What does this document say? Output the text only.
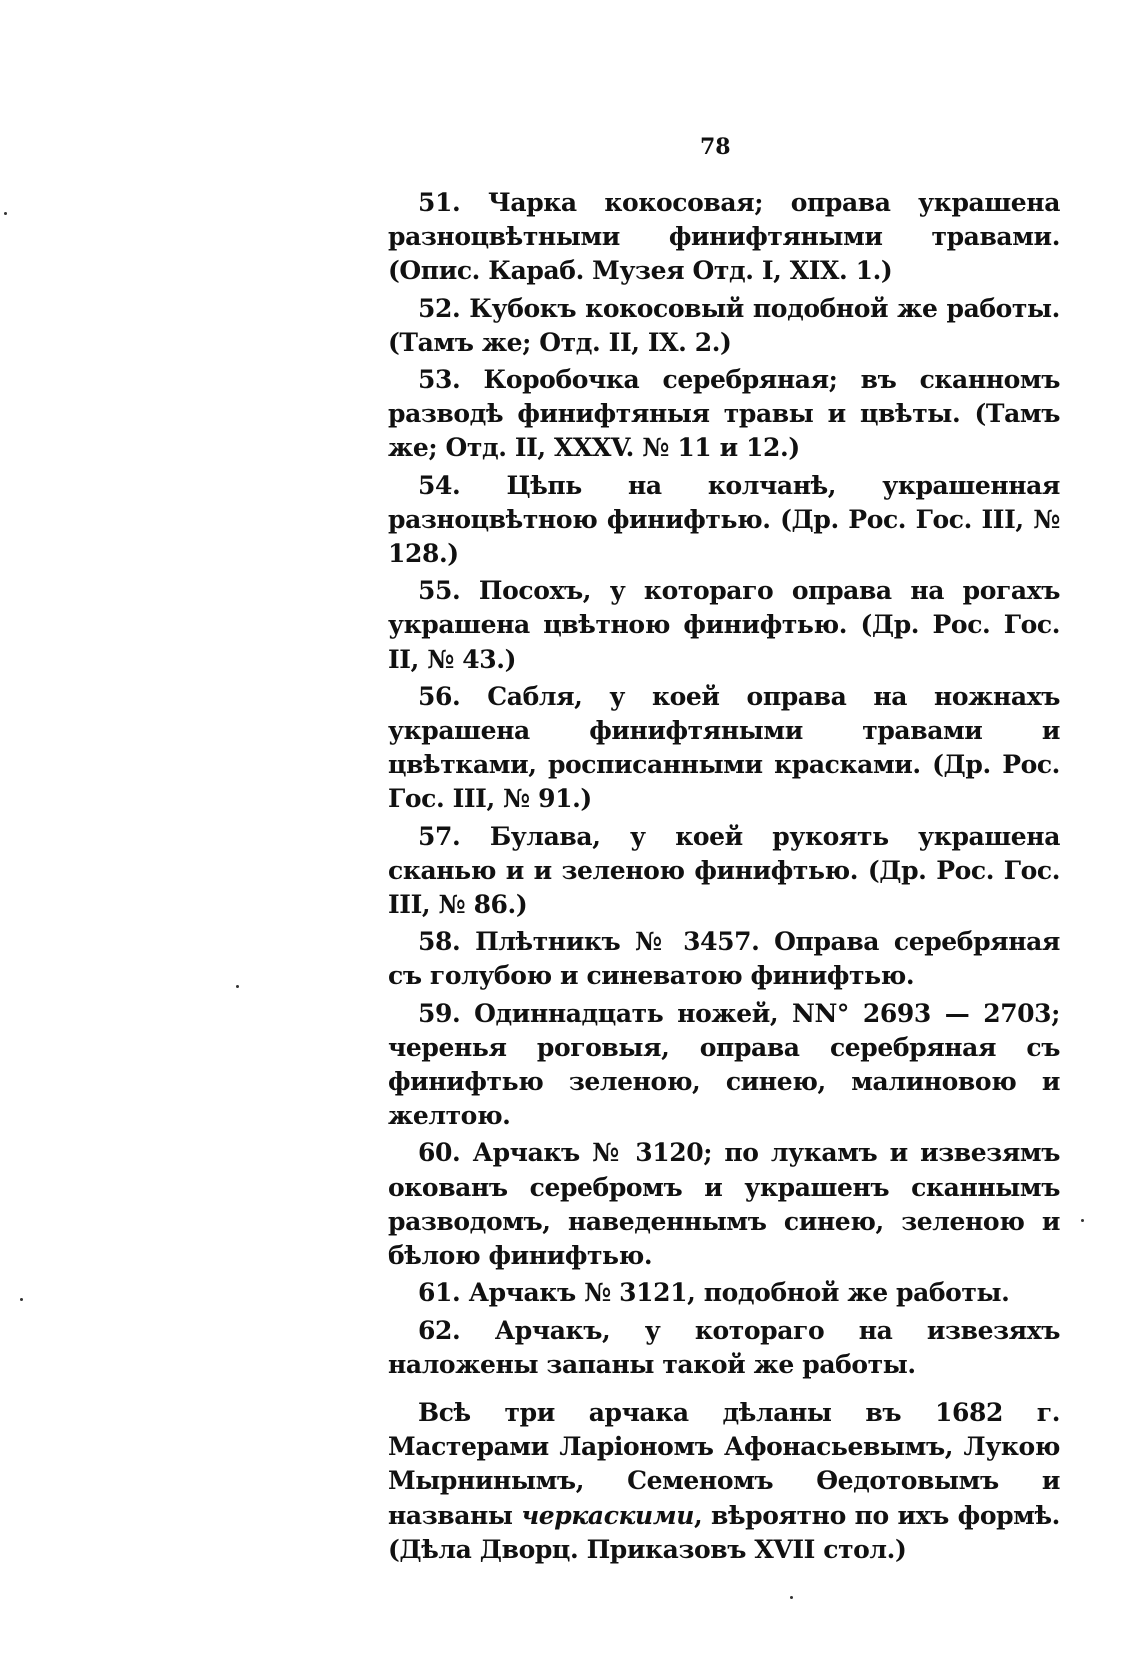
78

51. Чарка кокосовая; оправа украшена разноцвѣтными финифтяными травами. (Опис. Караб. Музея Отд. I, XIX. 1.)

52. Кубокъ кокосовый подобной же работы. (Тамъ же; Отд. II, IX. 2.)

53. Коробочка серебряная; въ сканномъ разводѣ финифтяныя травы и цвѣты. (Тамъ же; Отд. II, XXXV. № 11 и 12.)

54. Цѣпь на колчанѣ, украшенная разноцвѣтною финифтью. (Др. Рос. Гос. III, № 128.)

55. Посохъ, у котораго оправа на рогахъ украшена цвѣтною финифтью. (Др. Рос. Гос. II, № 43.)

56. Сабля, у коей оправа на ножнахъ украшена финифтяными травами и цвѣтками, росписанными красками. (Др. Рос. Гос. III, № 91.)

57. Булава, у коей рукоять украшена сканью и и зеленою финифтью. (Др. Рос. Гос. III, № 86.)

58. Плѣтникъ № 3457. Оправа серебряная съ голубою и синеватою финифтью.

59. Одиннадцать ножей, NN° 2693 — 2703; черенья роговыя, оправа серебряная съ финифтью зеленою, синею, малиновою и желтою.

60. Арчакъ № 3120; по лукамъ и извезямъ окованъ серебромъ и украшенъ сканнымъ разводомъ, наведеннымъ синею, зеленою и бѣлою финифтью.

61. Арчакъ № 3121, подобной же работы.

62. Арчакъ, у котораго на извезяхъ наложены запаны такой же работы.

Всѣ три арчака дѣланы въ 1682 г. Мастерами Ларіономъ Афонасьевымъ, Лукою Мырнинымъ, Семеномъ Ѳедотовымъ и названы черкаскими, вѣроятно по ихъ формѣ. (Дѣла Дворц. Приказовъ XVII стол.)
